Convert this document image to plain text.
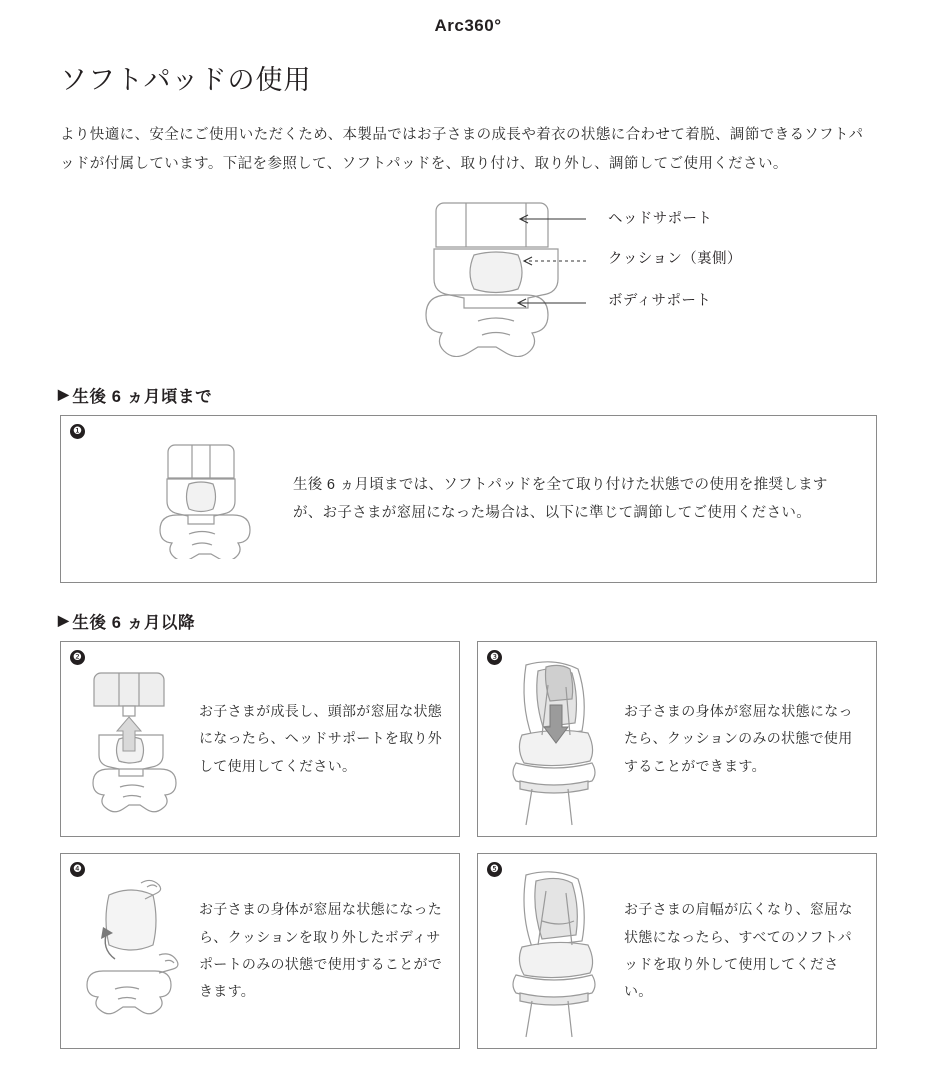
Arc360°
ソフトパッドの使用

より快適に、安全にご使用いただくため、本製品ではお子さまの成長や着衣の状態に合わせて着脱、調節できるソフトパッドが付属しています。下記を参照して、ソフトパッドを、取り付け、取り外し、調節してご使用ください。

ヘッドサポート
クッション（裏側）
ボディサポート
▶ 生後 6 ヵ月頃まで
❶
生後 6 ヵ月頃までは、ソフトパッドを全て取り付けた状態での使用を推奨しますが、お子さまが窓屈になった場合は、以下に準じて調節してご使用ください。
▶ 生後 6 ヵ月以降
❷
お子さまが成長し、頭部が窓屈な状態になったら、ヘッドサポートを取り外して使用してください。
❸
お子さまの身体が窓屈な状態になったら、クッションのみの状態で使用することができます。
❹
お子さまの身体が窓屈な状態になったら、クッションを取り外したボディサポートのみの状態で使用することができます。
❺
お子さまの肩幅が広くなり、窓屈な状態になったら、すべてのソフトパッドを取り外して使用してください。
